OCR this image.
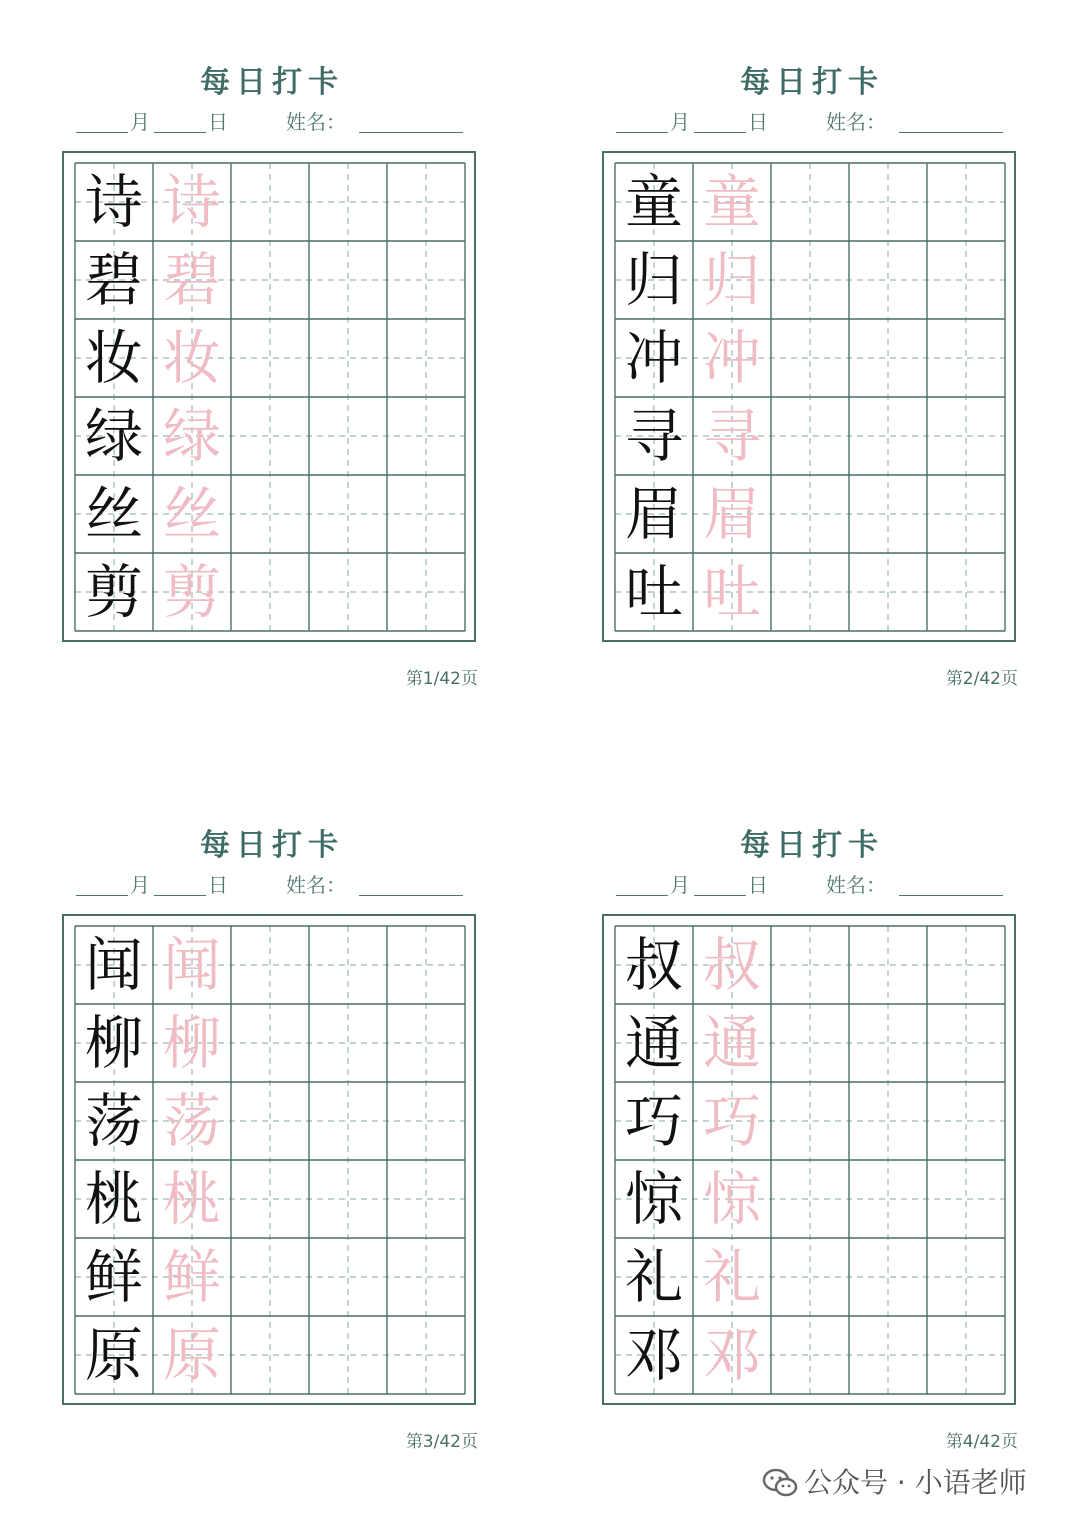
每日打卡
月	日	姓名：
诗 诗
碧 碧
妆 妆
绿 绿
丝 丝
剪 剪
第1/42页
每日打卡
月	日	姓名：
童 童
归 归
冲 冲
寻 寻
眉 眉
吐 吐
第2/42页
每日打卡
月	日	姓名：
闻 闻
柳 柳
荡 荡
桃 桃
鲜 鲜
原 原
第3/42页
每日打卡
月	日	姓名：
叔 叔
通 通
巧 巧
惊 惊
礼 礼
邓 邓
第4/42页
公众号 · 小语老师
